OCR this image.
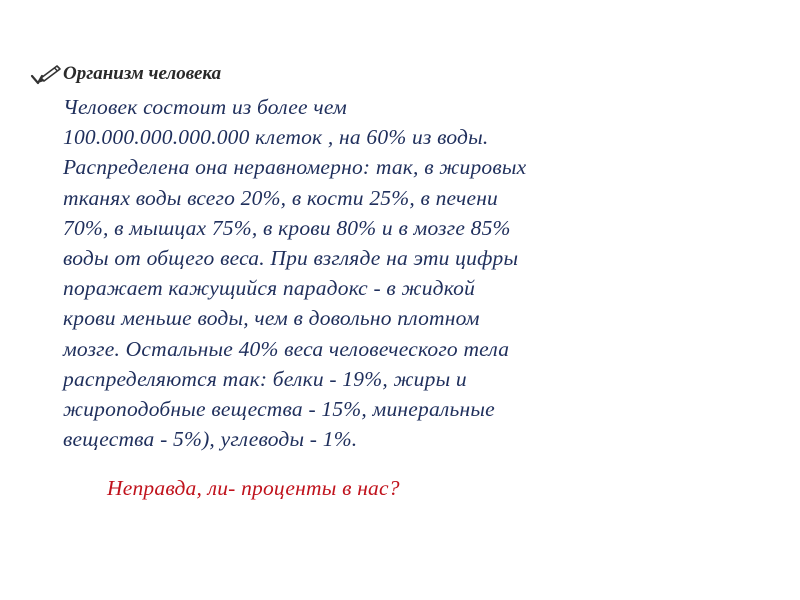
Организм человека
Человек состоит из более чем
100.000.000.000.000 клеток , на 60% из воды.
Распределена она неравномерно: так, в жировых
тканях воды всего 20%, в кости 25%, в печени
70%, в мышцах 75%, в крови 80% и в мозге 85%
воды от общего веса. При взгляде на эти цифры
поражает кажущийся парадокс - в жидкой
крови меньше воды, чем в довольно плотном
мозге. Остальные 40% веса человеческого тела
распределяются так: белки - 19%, жиры и
жироподобные вещества - 15%, минеральные
вещества - 5%), углеводы - 1%.
Неправда, ли- проценты в нас?
